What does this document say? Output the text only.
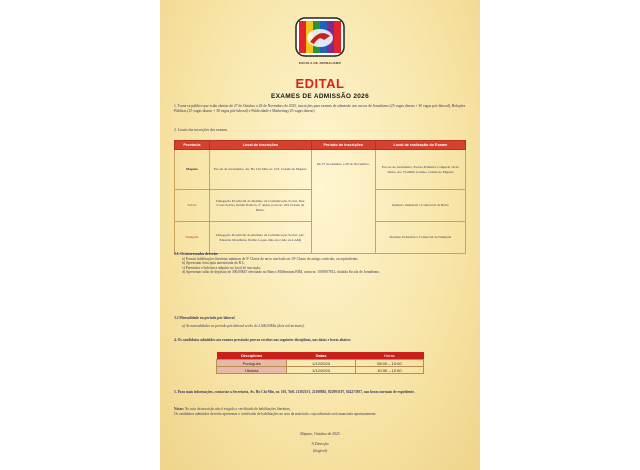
ESCOLA DE JORNALISMO
EDITAL
EXAMES DE ADMISSÃO 2026
1. Torna-se público que estão abertas de 27 de Outubro a 28 de Novembro de 2025, inscrições para exames de admissão aos cursos de Jornalismo (25 vagas diurno + 30 vagas pós-laboral), Relações Públicas (25 vagas diurno + 30 vagas pós-laboral) e Publicidade e Marketing (25 vagas diurno)
2. Locais das inscrições dos exames.
Província	Local de Inscrições	Período de Inscrições	Local de realização do Exame
Maputo	Escola de Jornalismo, Av. Ho Chi Min, nr. 103, Cidade de Maputo	De 27 de Outubro a 28 de Novembro.	Escola de Jornalismo, Escola Primária Completa 16 de Junho, Av. Vladimir Lenine, Cidade de Maputo
Sofala	Delegação Provincial do Instituto de Comunicação Social, Rua Costa Serrão, Prédio Palácio, 2º andar, porta nr. 203 Cidade da Beira.		Instituto Industrial e Comercial da Beira
Nampula	Delegação Provincial do Instituto de Comunicação Social, (Av. Eduardo Mondlane, Prédio Lopes, Rés-do-Chão ex-LAM)		Instituto Industrial e Comercial de Nampula
3.1. Os interessados deverão:
a) Possuir habilitações literárias mínimas de 9ª Classe do novo currículo ou 10ª Classe do antigo currículo, ou equivalente;
b) Apresentar fotocópia autenticada do B.I.;
c) Preencher o boletim a adquirir no local de inscrição;
d) Apresentar talão de depósito de 300,00MT efectuado no Banco Millennium BIM, conta nr. 1003907812, titulada Escola de Jornalismo.
3.2 Mensalidade no período pós-laboral
a) As mensalidades no período pós-laboral serão de 2.000,00Mts (dois mil meticais).
4. Os candidatos admitidos aos exames prestarão provas escritas nas seguintes disciplinas, nas datas e horas abaixo:
Disciplinas	Datas	Horas
Português	1/12/2023	08:00 – 10:00
História	1/12/2023	10:30 – 12:00
5. Para mais informações, contactar a Secretaria, Av. Ho Chi Min, nr. 103, Telf. 21302153, 21308865, 822993107, 824273937, nas horas normais de expediente.
Notas: No acto da inscrição não é exigido o certificado de habilitações literárias;
Os candidatos admitidos deverão apresentar o certificado de habilitações no acto da matrícula, cuja admissão será anunciada oportunamente.
Maputo, Outubro de 2025
A Direcção
(ilegível)
